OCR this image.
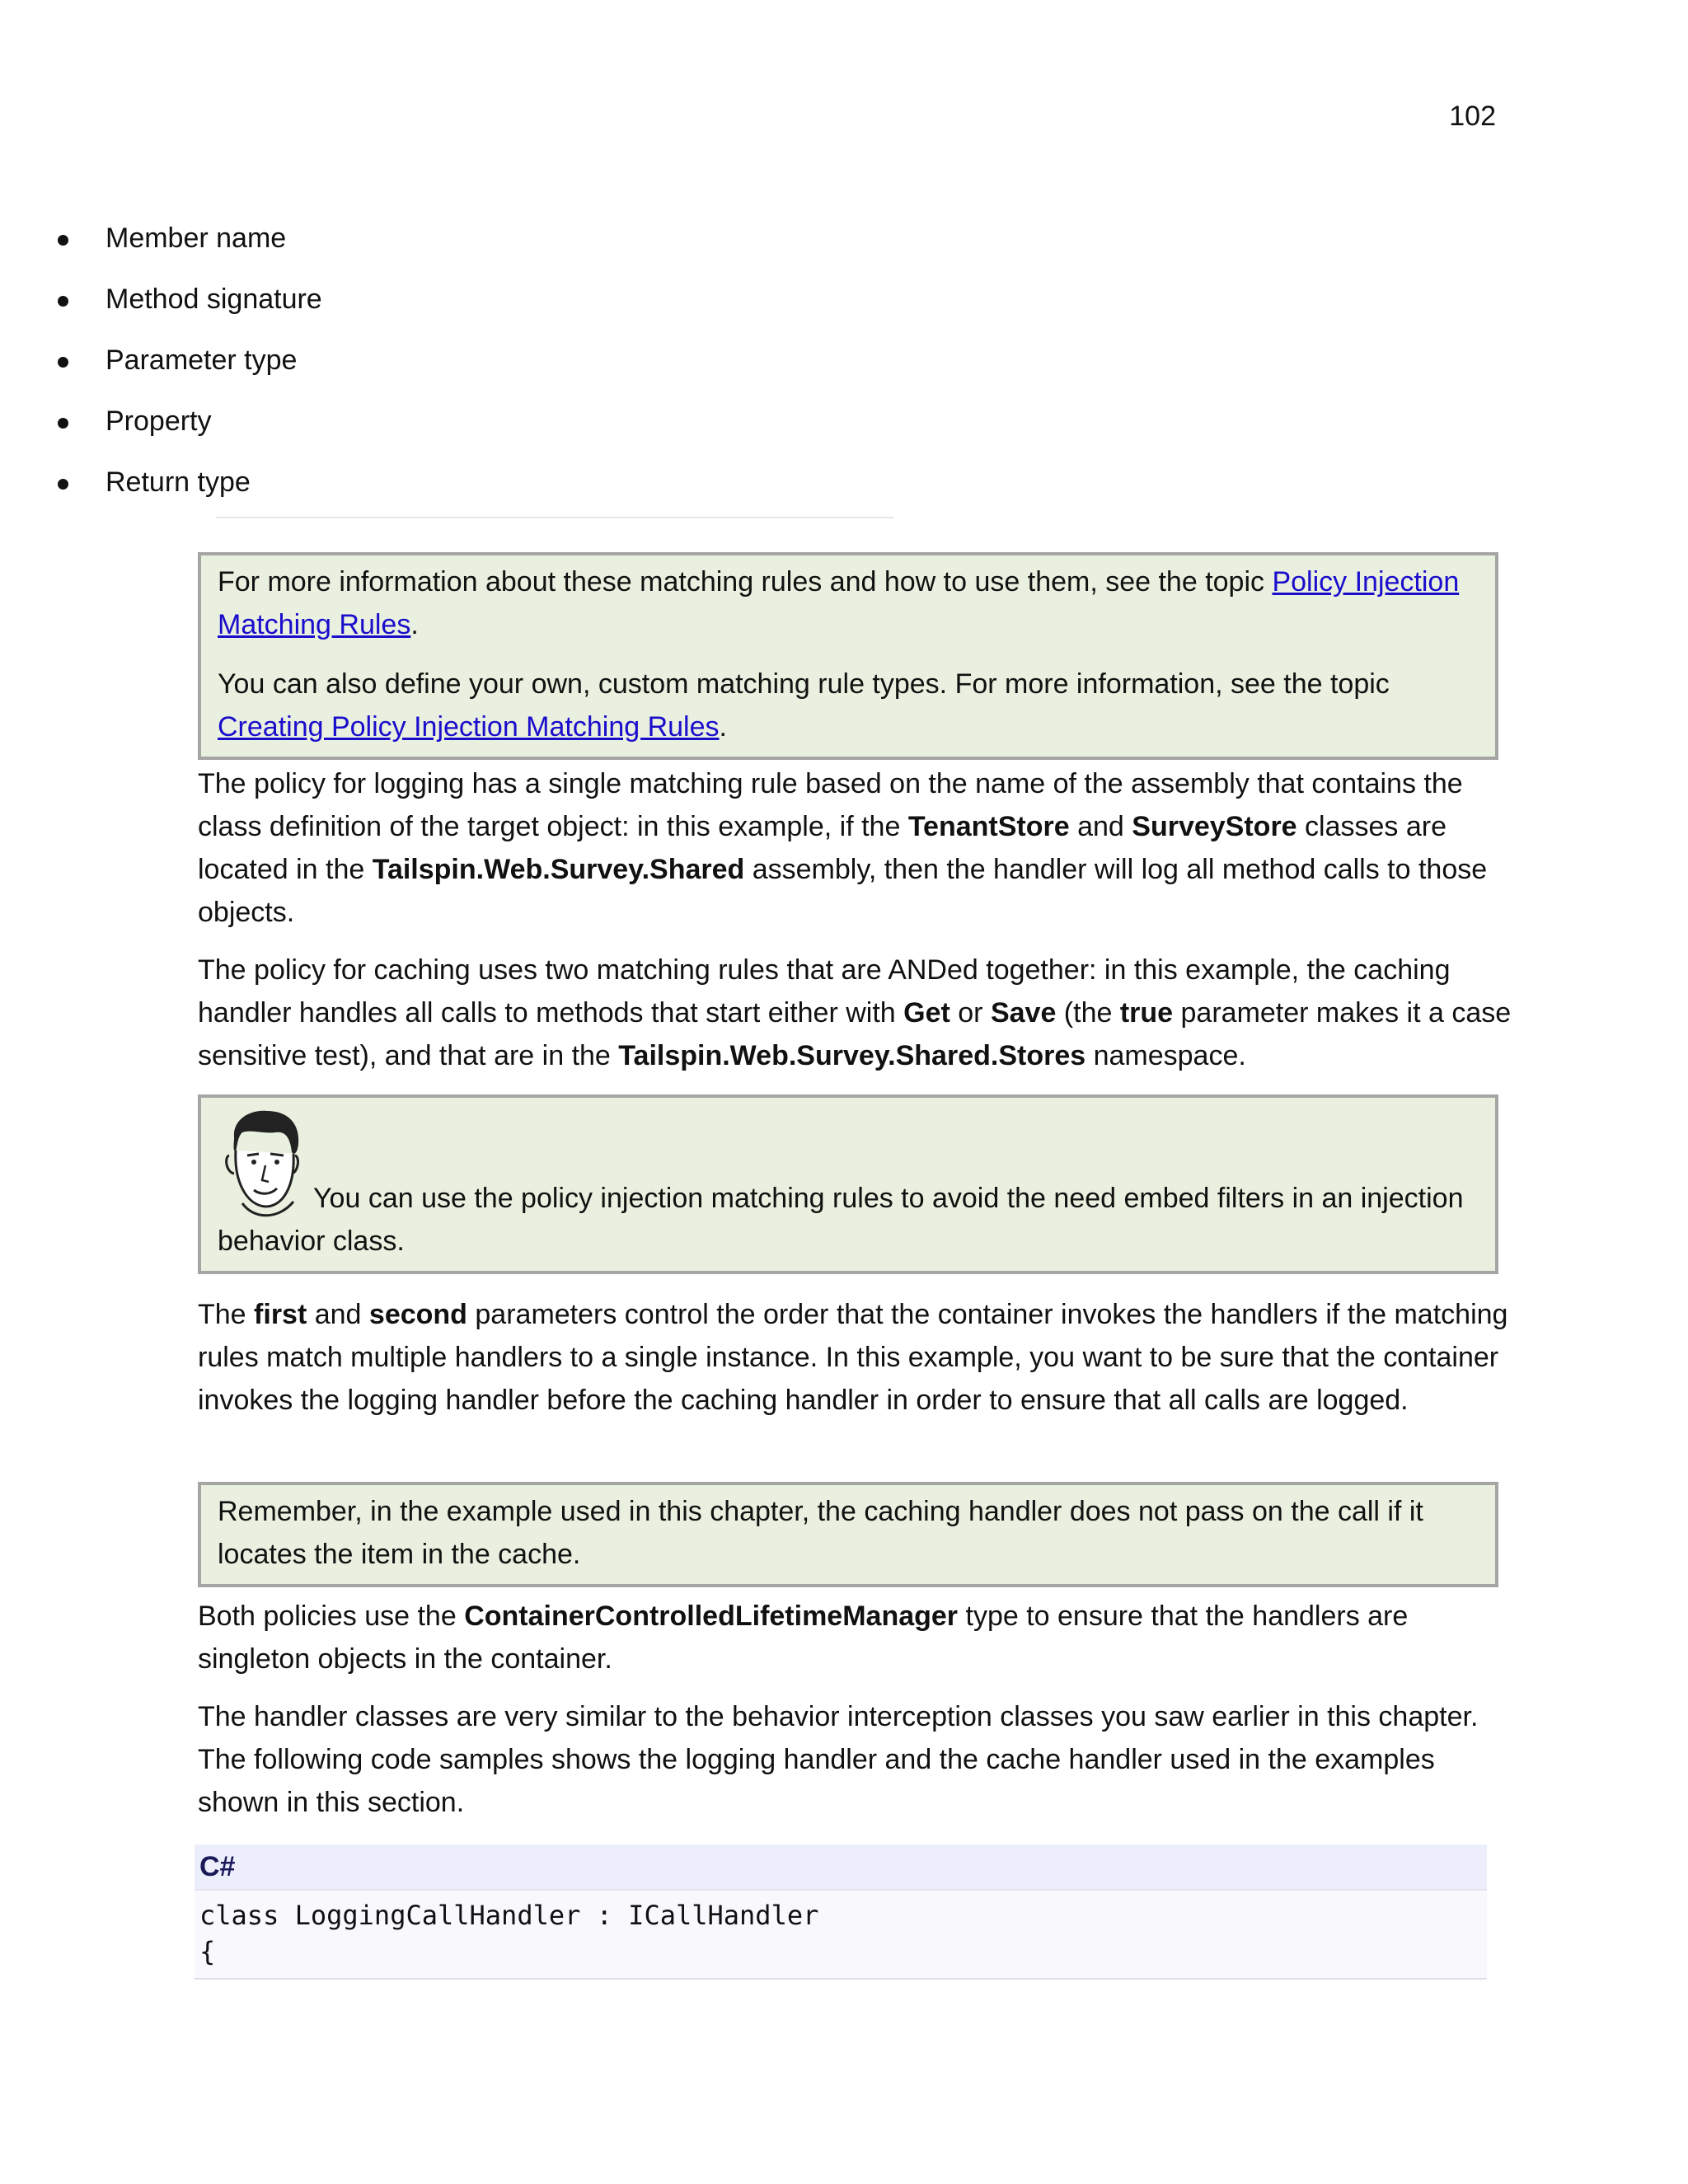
102
Member name
Method signature
Parameter type
Property
Return type

For more information about these matching rules and how to use them, see the topic Policy Injection Matching Rules.

You can also define your own, custom matching rule types. For more information, see the topic Creating Policy Injection Matching Rules.

The policy for logging has a single matching rule based on the name of the assembly that contains the class definition of the target object: in this example, if the TenantStore and SurveyStore classes are located in the Tailspin.Web.Survey.Shared assembly, then the handler will log all method calls to those objects.

The policy for caching uses two matching rules that are ANDed together: in this example, the caching handler handles all calls to methods that start either with Get or Save (the true parameter makes it a case sensitive test), and that are in the Tailspin.Web.Survey.Shared.Stores namespace.

You can use the policy injection matching rules to avoid the need embed filters in an injection behavior class.

The first and second parameters control the order that the container invokes the handlers if the matching rules match multiple handlers to a single instance. In this example, you want to be sure that the container invokes the logging handler before the caching handler in order to ensure that all calls are logged.

Remember, in the example used in this chapter, the caching handler does not pass on the call if it locates the item in the cache.

Both policies use the ContainerControlledLifetimeManager type to ensure that the handlers are singleton objects in the container.

The handler classes are very similar to the behavior interception classes you saw earlier in this chapter. The following code samples shows the logging handler and the cache handler used in the examples shown in this section.

C#
class LoggingCallHandler : ICallHandler
{
